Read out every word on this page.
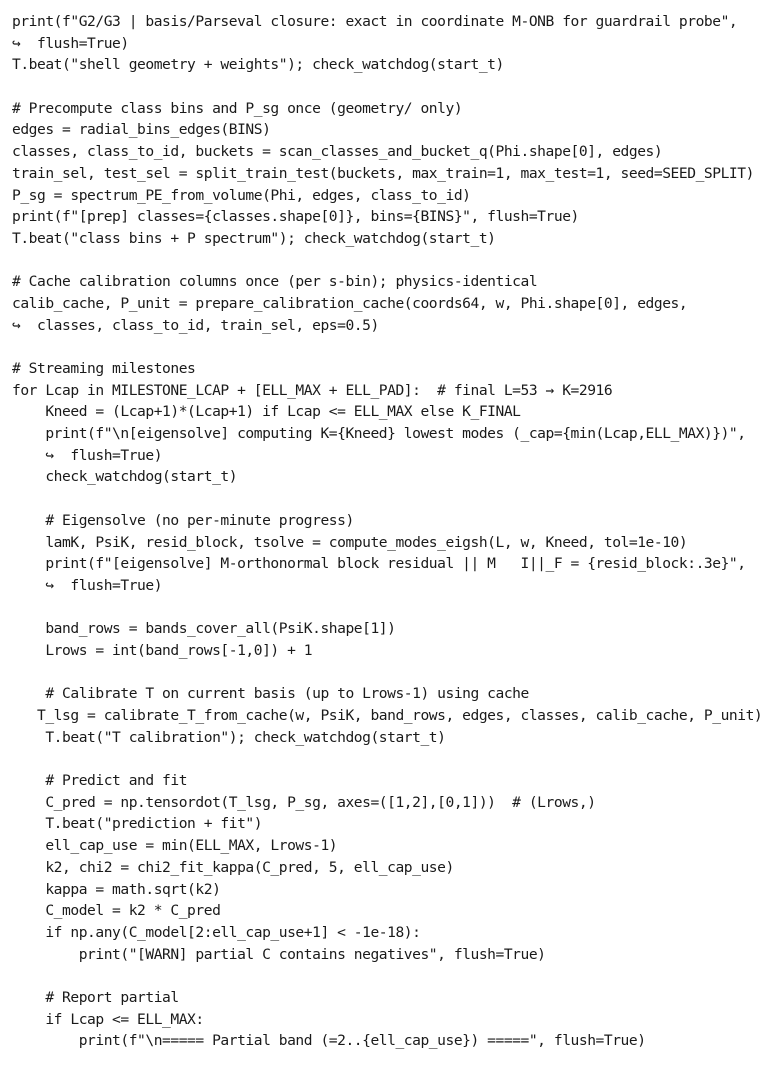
print(f"G2/G3 | basis/Parseval closure: exact in coordinate M-ONB for guardrail probe",
↪  flush=True)
T.beat("shell geometry + weights"); check_watchdog(start_t)
# Precompute class bins and P_sg once (geometry/ only)
edges = radial_bins_edges(BINS)
classes, class_to_id, buckets = scan_classes_and_bucket_q(Phi.shape[0], edges)
train_sel, test_sel = split_train_test(buckets, max_train=1, max_test=1, seed=SEED_SPLIT)
P_sg = spectrum_PE_from_volume(Phi, edges, class_to_id)
print(f"[prep] classes={classes.shape[0]}, bins={BINS}", flush=True)
T.beat("class bins + P spectrum"); check_watchdog(start_t)
# Cache calibration columns once (per s-bin); physics-identical
calib_cache, P_unit = prepare_calibration_cache(coords64, w, Phi.shape[0], edges,
↪  classes, class_to_id, train_sel, eps=0.5)
# Streaming milestones
for Lcap in MILESTONE_LCAP + [ELL_MAX + ELL_PAD]:  # final L=53 → K=2916
Kneed = (Lcap+1)*(Lcap+1) if Lcap <= ELL_MAX else K_FINAL
print(f"\n[eigensolve] computing K={Kneed} lowest modes (_cap={min(Lcap,ELL_MAX)})",
↪  flush=True)
check_watchdog(start_t)
# Eigensolve (no per-minute progress)
lamK, PsiK, resid_block, tsolve = compute_modes_eigsh(L, w, Kneed, tol=1e-10)
print(f"[eigensolve] M-orthonormal block residual || M   I||_F = {resid_block:.3e}",
↪  flush=True)
band_rows = bands_cover_all(PsiK.shape[1])
Lrows = int(band_rows[-1,0]) + 1
# Calibrate T on current basis (up to Lrows-1) using cache
T_lsg = calibrate_T_from_cache(w, PsiK, band_rows, edges, classes, calib_cache, P_unit)
T.beat("T calibration"); check_watchdog(start_t)
# Predict and fit
C_pred = np.tensordot(T_lsg, P_sg, axes=([1,2],[0,1]))  # (Lrows,)
T.beat("prediction + fit")
ell_cap_use = min(ELL_MAX, Lrows-1)
k2, chi2 = chi2_fit_kappa(C_pred, 5, ell_cap_use)
kappa = math.sqrt(k2)
C_model = k2 * C_pred
if np.any(C_model[2:ell_cap_use+1] < -1e-18):
print("[WARN] partial C contains negatives", flush=True)
# Report partial
if Lcap <= ELL_MAX:
print(f"\n===== Partial band (=2..{ell_cap_use}) =====", flush=True)
